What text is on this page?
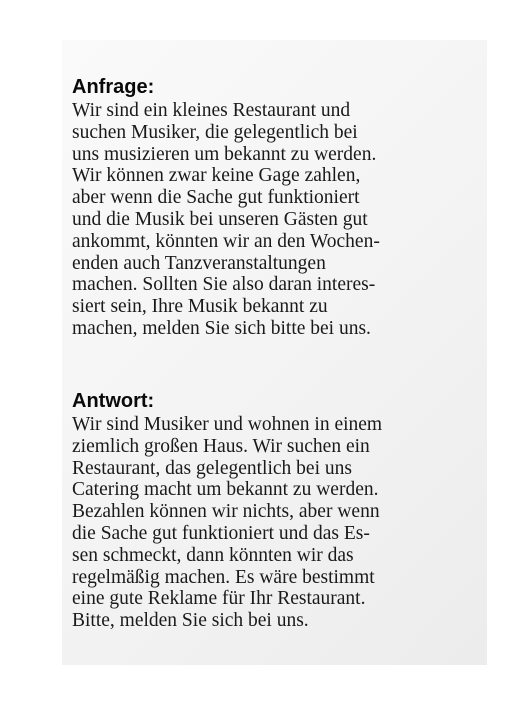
Anfrage:
Wir sind ein kleines Restaurant und
suchen Musiker, die gelegentlich bei
uns musizieren um bekannt zu werden.
Wir können zwar keine Gage zahlen,
aber wenn die Sache gut funktioniert
und die Musik bei unseren Gästen gut
ankommt, könnten wir an den Wochen-
enden auch Tanzveranstaltungen
machen. Sollten Sie also daran interes-
siert sein, Ihre Musik bekannt zu
machen, melden Sie sich bitte bei uns.
Antwort:
Wir sind Musiker und wohnen in einem
ziemlich großen Haus. Wir suchen ein
Restaurant, das gelegentlich bei uns
Catering macht um bekannt zu werden.
Bezahlen können wir nichts, aber wenn
die Sache gut funktioniert und das Es-
sen schmeckt, dann könnten wir das
regelmäßig machen. Es wäre bestimmt
eine gute Reklame für Ihr Restaurant.
Bitte, melden Sie sich bei uns.
